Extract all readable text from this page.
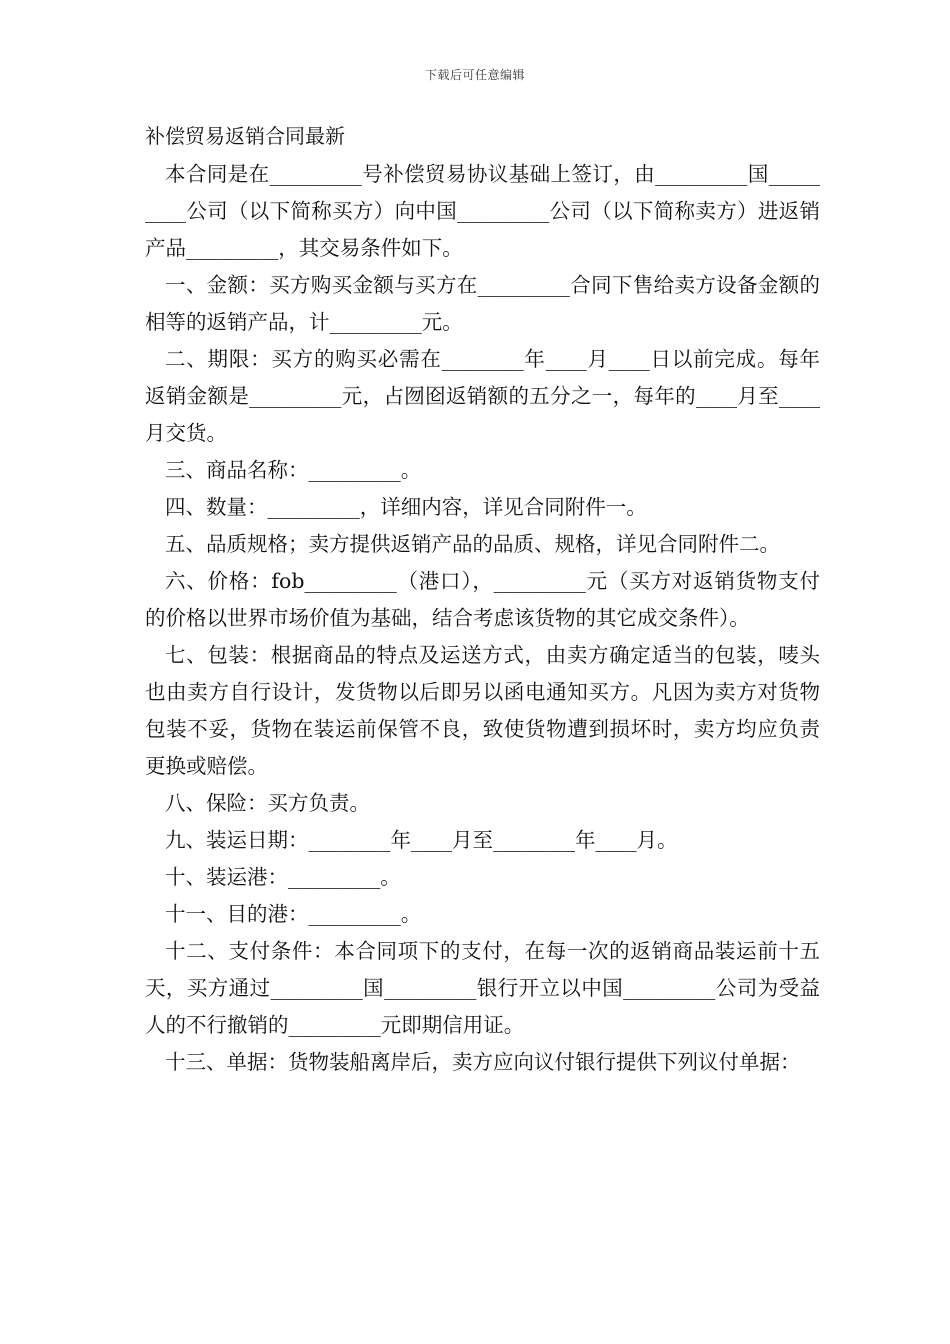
下载后可任意编辑
补偿贸易返销合同最新

本合同是在_________号补偿贸易协议基础上签订，由_________国_________公司（以下简称买方）向中国_________公司（以下简称卖方）进返销产品_________，其交易条件如下。

一、金额：买方购买金额与买方在_________合同下售给卖方设备金额的相等的返销产品，计_________元。

二、期限：买方的购买必需在________年____月____日以前完成。每年返销金额是_________元，占囫囵返销额的五分之一，每年的____月至____月交货。

三、商品名称：_________。

四、数量：_________，详细内容，详见合同附件一。

五、品质规格；卖方提供返销产品的品质、规格，详见合同附件二。

六、价格：fob_________（港口），_________元（买方对返销货物支付的价格以世界市场价值为基础，结合考虑该货物的其它成交条件）。

七、包装：根据商品的特点及运送方式，由卖方确定适当的包装，唛头也由卖方自行设计，发货物以后即另以函电通知买方。凡因为卖方对货物包装不妥，货物在装运前保管不良，致使货物遭到损坏时，卖方均应负责更换或赔偿。

八、保险：买方负责。

九、装运日期：________年____月至________年____月。

十、装运港：_________。

十一、目的港：_________。

十二、支付条件：本合同项下的支付，在每一次的返销商品装运前十五天，买方通过_________国_________银行开立以中国_________公司为受益人的不行撤销的_________元即期信用证。

十三、单据：货物装船离岸后，卖方应向议付银行提供下列议付单据：
